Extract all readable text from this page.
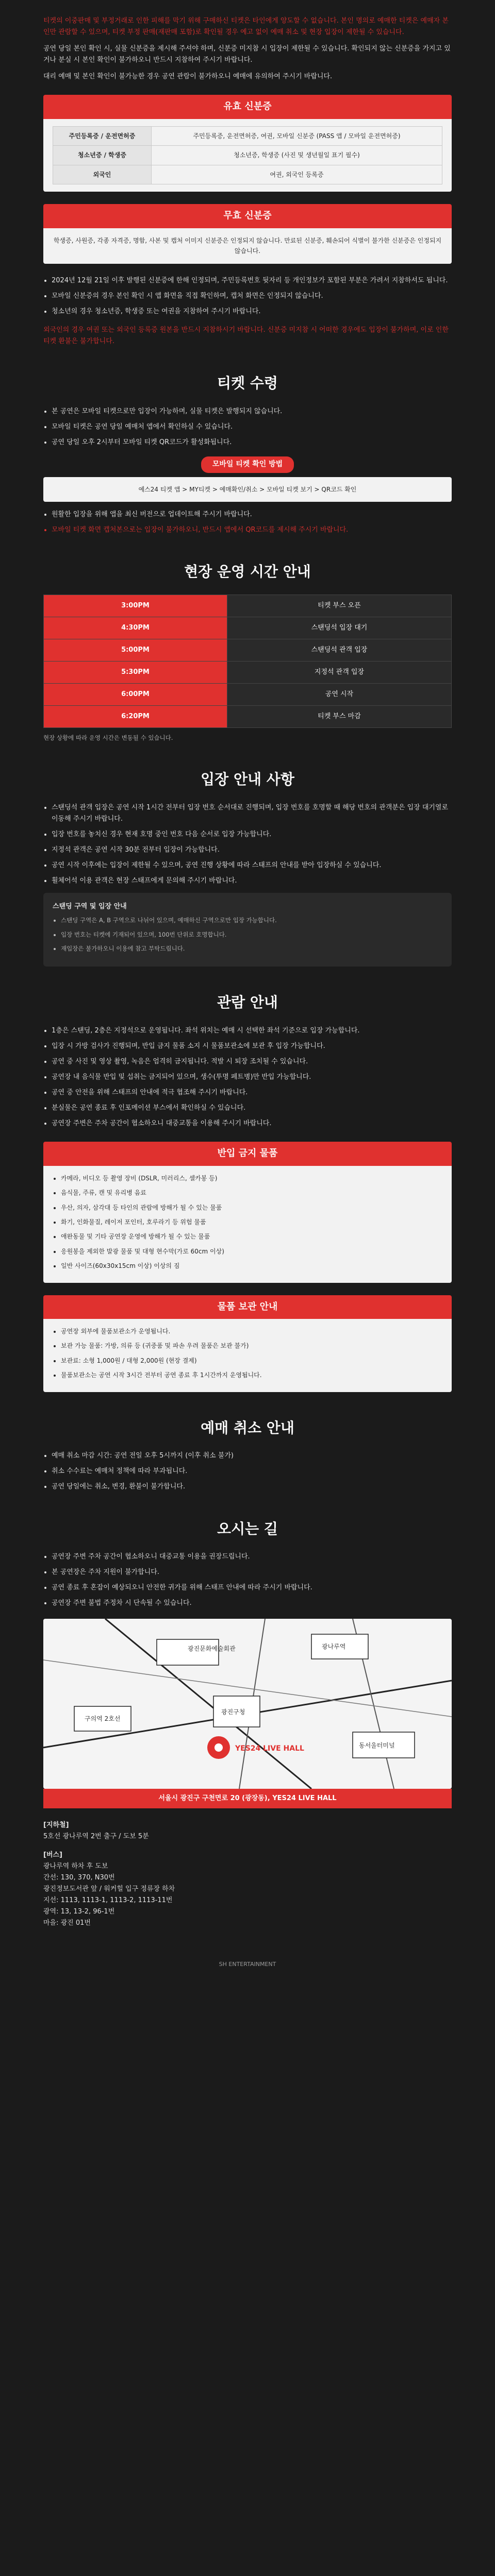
티켓의 이중판매 및 부정거래로 인한 피해를 막기 위해 구매하신 티켓은 타인에게 양도할 수 없습니다. 본인 명의로 예매한 티켓은 예매자 본인만 관람할 수 있으며, 티켓 부정 판매(재판매 포함)로 확인될 경우 예고 없이 예매 취소 및 현장 입장이 제한될 수 있습니다.

공연 당일 본인 확인 시, 실물 신분증을 제시해 주셔야 하며, 신분증 미지참 시 입장이 제한될 수 있습니다. 확인되지 않는 신분증을 가지고 있거나 분실 시 본인 확인이 불가하오니 반드시 지참하여 주시기 바랍니다.

대리 예매 및 본인 확인이 불가능한 경우 공연 관람이 불가하오니 예매에 유의하여 주시기 바랍니다.

유효 신분증
주민등록증 / 운전면허증	주민등록증, 운전면허증, 여권, 모바일 신분증 (PASS 앱 / 모바일 운전면허증)
청소년증 / 학생증	청소년증, 학생증 (사진 및 생년월일 표기 필수)
외국인	여권, 외국인 등록증
무효 신분증
학생증, 사원증, 각종 자격증, 명함, 사본 및 캡처 이미지 신분증은 인정되지 않습니다. 만료된 신분증, 훼손되어 식별이 불가한 신분증은 인정되지 않습니다.
• 2024년 12월 21일 이후 발행된 신분증에 한해 인정되며, 주민등록번호 뒷자리 등 개인정보가 포함된 부분은 가려서 지참하셔도 됩니다.
• 모바일 신분증의 경우 본인 확인 시 앱 화면을 직접 확인하며, 캡처 화면은 인정되지 않습니다.
• 청소년의 경우 청소년증, 학생증 또는 여권을 지참하여 주시기 바랍니다.

외국인의 경우 여권 또는 외국인 등록증 원본을 반드시 지참하시기 바랍니다. 신분증 미지참 시 어떠한 경우에도 입장이 불가하며, 이로 인한 티켓 환불은 불가합니다.

티켓 수령
• 본 공연은 모바일 티켓으로만 입장이 가능하며, 실물 티켓은 발행되지 않습니다.
• 모바일 티켓은 공연 당일 예매처 앱에서 확인하실 수 있습니다.
• 공연 당일 오후 2시부터 모바일 티켓 QR코드가 활성화됩니다.
모바일 티켓 확인 방법
예스24 티켓 앱 > MY티켓 > 예매확인/취소 > 모바일 티켓 보기 > QR코드 확인
• 원활한 입장을 위해 앱을 최신 버전으로 업데이트해 주시기 바랍니다.
• 모바일 티켓 화면 캡처본으로는 입장이 불가하오니, 반드시 앱에서 QR코드를 제시해 주시기 바랍니다.
현장 운영 시간 안내
3:00PM	티켓 부스 오픈
4:30PM	스탠딩석 입장 대기
5:00PM	스탠딩석 관객 입장
5:30PM	지정석 관객 입장
6:00PM	공연 시작
6:20PM	티켓 부스 마감

현장 상황에 따라 운영 시간은 변동될 수 있습니다.

입장 안내 사항
• 스탠딩석 관객 입장은 공연 시작 1시간 전부터 입장 번호 순서대로 진행되며, 입장 번호를 호명할 때 해당 번호의 관객분은 입장 대기열로 이동해 주시기 바랍니다.
• 입장 번호를 놓치신 경우 현재 호명 중인 번호 다음 순서로 입장 가능합니다.
• 지정석 관객은 공연 시작 30분 전부터 입장이 가능합니다.
• 공연 시작 이후에는 입장이 제한될 수 있으며, 공연 진행 상황에 따라 스태프의 안내를 받아 입장하실 수 있습니다.
• 휠체어석 이용 관객은 현장 스태프에게 문의해 주시기 바랍니다.
스탠딩 구역 및 입장 안내
• 스탠딩 구역은 A, B 구역으로 나뉘어 있으며, 예매하신 구역으로만 입장 가능합니다.
• 입장 번호는 티켓에 기재되어 있으며, 100번 단위로 호명합니다.
• 재입장은 불가하오니 이용에 참고 부탁드립니다.
관람 안내
• 1층은 스탠딩, 2층은 지정석으로 운영됩니다. 좌석 위치는 예매 시 선택한 좌석 기준으로 입장 가능합니다.
• 입장 시 가방 검사가 진행되며, 반입 금지 물품 소지 시 물품보관소에 보관 후 입장 가능합니다.
• 공연 중 사진 및 영상 촬영, 녹음은 엄격히 금지됩니다. 적발 시 퇴장 조치될 수 있습니다.
• 공연장 내 음식물 반입 및 섭취는 금지되어 있으며, 생수(투명 페트병)만 반입 가능합니다.
• 공연 중 안전을 위해 스태프의 안내에 적극 협조해 주시기 바랍니다.
• 분실물은 공연 종료 후 인포메이션 부스에서 확인하실 수 있습니다.
• 공연장 주변은 주차 공간이 협소하오니 대중교통을 이용해 주시기 바랍니다.
반입 금지 물품
• 카메라, 비디오 등 촬영 장비 (DSLR, 미러리스, 셀카봉 등)
• 음식물, 주류, 캔 및 유리병 음료
• 우산, 의자, 삼각대 등 타인의 관람에 방해가 될 수 있는 물품
• 화기, 인화물질, 레이저 포인터, 호루라기 등 위험 물품
• 애완동물 및 기타 공연장 운영에 방해가 될 수 있는 물품
• 응원봉을 제외한 발광 물품 및 대형 현수막(가로 60cm 이상)
• 일반 사이즈(60x30x15cm 이상) 이상의 짐
물품 보관 안내
• 공연장 외부에 물품보관소가 운영됩니다.
• 보관 가능 물품: 가방, 의류 등 (귀중품 및 파손 우려 물품은 보관 불가)
• 보관료: 소형 1,000원 / 대형 2,000원 (현장 결제)
• 물품보관소는 공연 시작 3시간 전부터 공연 종료 후 1시간까지 운영됩니다.
예매 취소 안내
• 예매 취소 마감 시간: 공연 전일 오후 5시까지 (이후 취소 불가)
• 취소 수수료는 예매처 정책에 따라 부과됩니다.
• 공연 당일에는 취소, 변경, 환불이 불가합니다.
오시는 길
• 공연장 주변 주차 공간이 협소하오니 대중교통 이용을 권장드립니다.
• 본 공연장은 주차 지원이 불가합니다.
• 공연 종료 후 혼잡이 예상되오니 안전한 귀가를 위해 스태프 안내에 따라 주시기 바랍니다.
• 공연장 주변 불법 주정차 시 단속될 수 있습니다.
광진문화예술회관	광나루역
구의역 2호선
광진구청
동서울터미널
YES24 LIVE HALL
서울시 광진구 구천면로 20 (광장동), YES24 LIVE HALL
[지하철]
5호선 광나루역 2번 출구 / 도보 5분
[버스]
광나루역 하차 후 도보
간선: 130, 370, N30번
광진정보도서관 앞 / 워커힐 입구 정류장 하차
지선: 1113, 1113-1, 1113-2, 1113-11번
광역: 13, 13-2, 96-1번
마을: 광진 01번
SH ENTERTAINMENT
